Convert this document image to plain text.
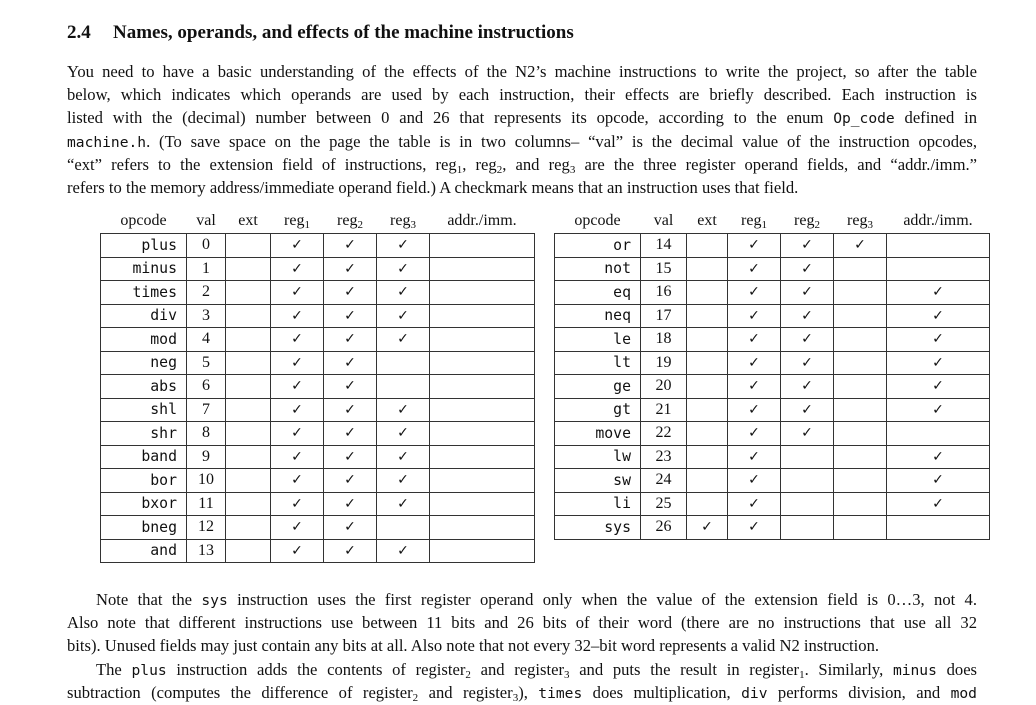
2.4 Names, operands, and effects of the machine instructions
You need to have a basic understanding of the effects of the N2’s machine instructions to write the project, so after the table
below, which indicates which operands are used by each instruction, their effects are briefly described. Each instruction is
listed with the (decimal) number between 0 and 26 that represents its opcode, according to the enum Op_code defined in
machine.h. (To save space on the page the table is in two columns– “val” is the decimal value of the instruction opcodes,
“ext” refers to the extension field of instructions, reg$_1$, reg$_2$, and reg$_3$ are the three register operand fields, and “addr./imm.”
refers to the memory address/immediate operand field.) A checkmark means that an instruction uses that field.
opcode	val	ext	reg$_1$	reg$_2$	reg$_3$	addr./imm.
plus	0		✓	✓	✓	
minus	1		✓	✓	✓	
times	2		✓	✓	✓	
div	3		✓	✓	✓	
mod	4		✓	✓	✓	
neg	5		✓	✓		
abs	6		✓	✓		
shl	7		✓	✓	✓	
shr	8		✓	✓	✓	
band	9		✓	✓	✓	
bor	10		✓	✓	✓	
bxor	11		✓	✓	✓	
bneg	12		✓	✓		
and	13		✓	✓	✓	
opcode	val	ext	reg$_1$	reg$_2$	reg$_3$	addr./imm.
or	14		✓	✓	✓	
not	15		✓	✓		
eq	16		✓	✓		✓
neq	17		✓	✓		✓
le	18		✓	✓		✓
lt	19		✓	✓		✓
ge	20		✓	✓		✓
gt	21		✓	✓		✓
move	22		✓	✓		
lw	23		✓			✓
sw	24		✓			✓
li	25		✓			✓
sys	26	✓	✓			
Note that the sys instruction uses the first register operand only when the value of the extension field is 0…3, not 4.
Also note that different instructions use between 11 bits and 26 bits of their word (there are no instructions that use all 32
bits). Unused fields may just contain any bits at all. Also note that not every 32–bit word represents a valid N2 instruction.
The plus instruction adds the contents of register$_2$ and register$_3$ and puts the result in register$_1$. Similarly, minus does
subtraction (computes the difference of register$_2$ and register$_3$), times does multiplication, div performs division, and mod
